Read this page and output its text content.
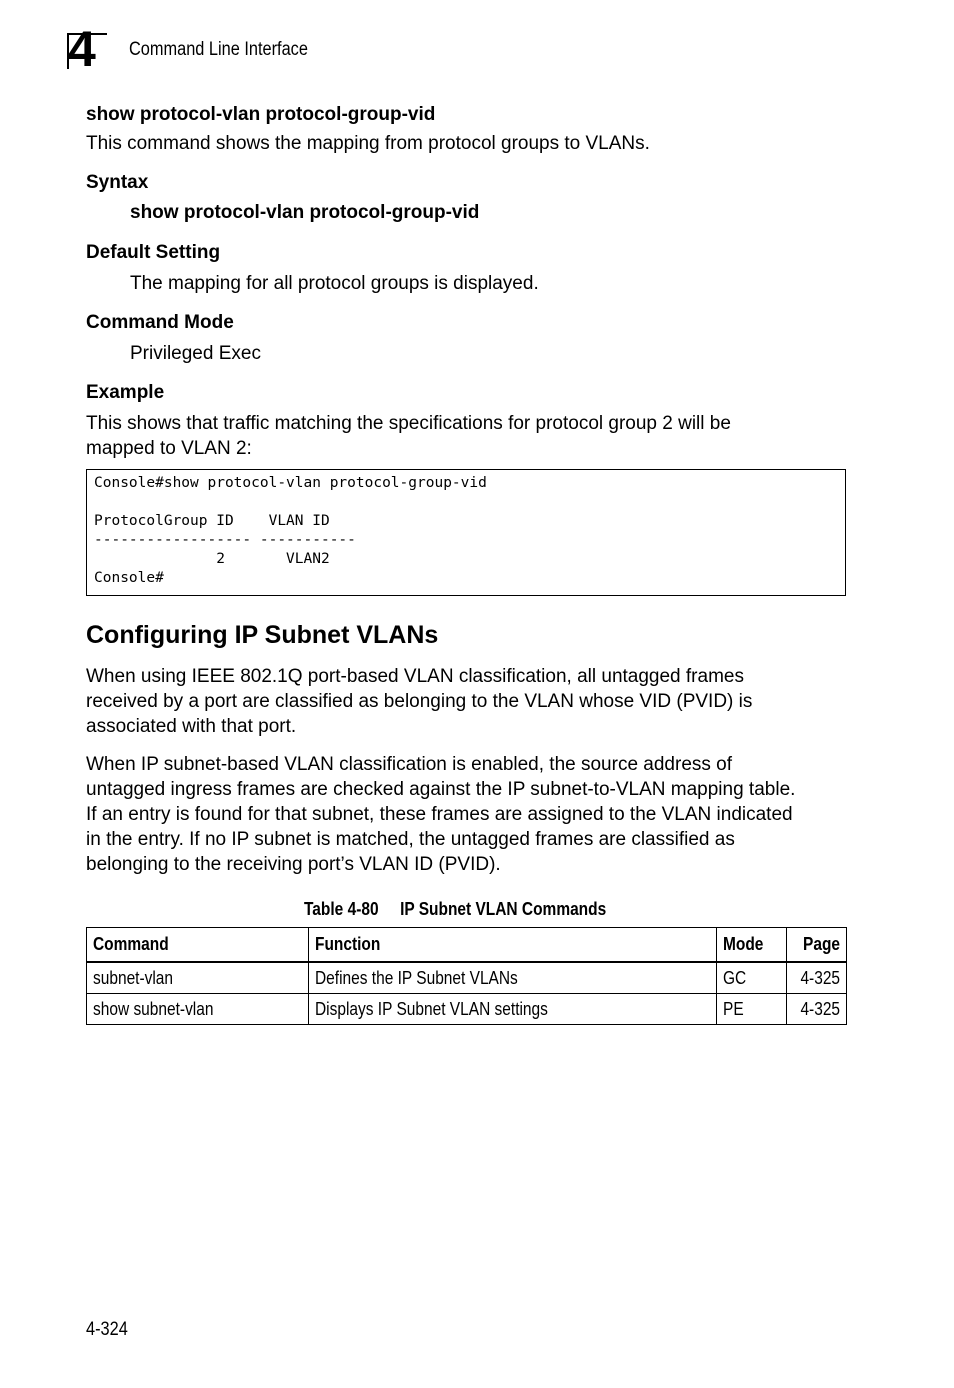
4 Command Line Interface
show protocol-vlan protocol-group-vid
This command shows the mapping from protocol groups to VLANs.
Syntax
show protocol-vlan protocol-group-vid
Default Setting
The mapping for all protocol groups is displayed.
Command Mode
Privileged Exec
Example
This shows that traffic matching the specifications for protocol group 2 will be
mapped to VLAN 2:
Console#show protocol-vlan protocol-group-vid
ProtocolGroup ID    VLAN ID
------------------ -----------
2       VLAN2
Console#
Configuring IP Subnet VLANs
When using IEEE 802.1Q port-based VLAN classification, all untagged frames
received by a port are classified as belonging to the VLAN whose VID (PVID) is
associated with that port.
When IP subnet-based VLAN classification is enabled, the source address of
untagged ingress frames are checked against the IP subnet-to-VLAN mapping table.
If an entry is found for that subnet, these frames are assigned to the VLAN indicated
in the entry. If no IP subnet is matched, the untagged frames are classified as
belonging to the receiving port’s VLAN ID (PVID).
Table 4-80     IP Subnet VLAN Commands
Command	Function	Mode	Page
subnet-vlan	Defines the IP Subnet VLANs	GC	4-325
show subnet-vlan	Displays IP Subnet VLAN settings	PE	4-325
4-324
